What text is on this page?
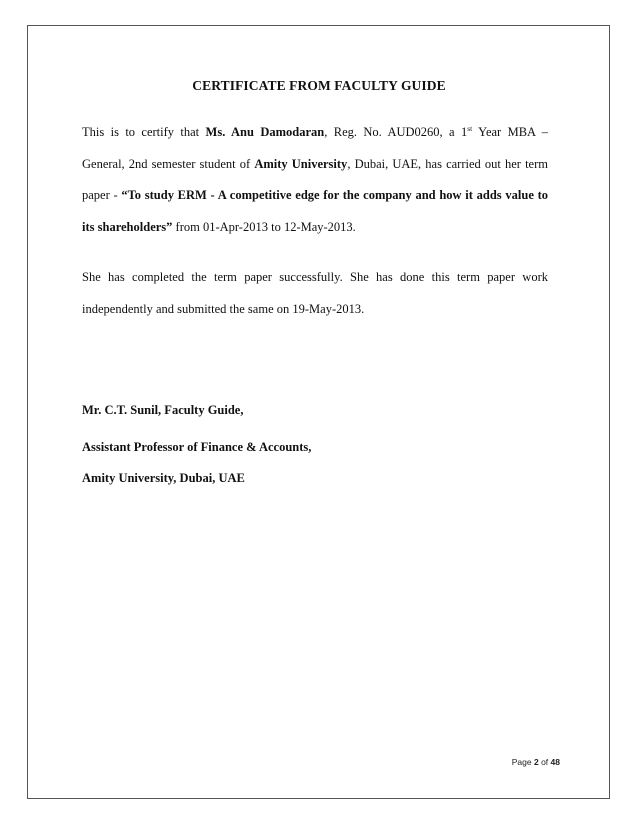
CERTIFICATE FROM FACULTY GUIDE
This is to certify that Ms. Anu Damodaran, Reg. No. AUD0260, a 1st Year MBA –
General, 2nd semester student of Amity University, Dubai, UAE, has carried out her term
paper - “To study ERM - A competitive edge for the company and how it adds value to
its shareholders” from 01-Apr-2013 to 12-May-2013.
She has completed the term paper successfully. She has done this term paper work
independently and submitted the same on 19-May-2013.
Mr. C.T. Sunil, Faculty Guide,
Assistant Professor of Finance & Accounts,
Amity University, Dubai, UAE
Page 2 of 48
